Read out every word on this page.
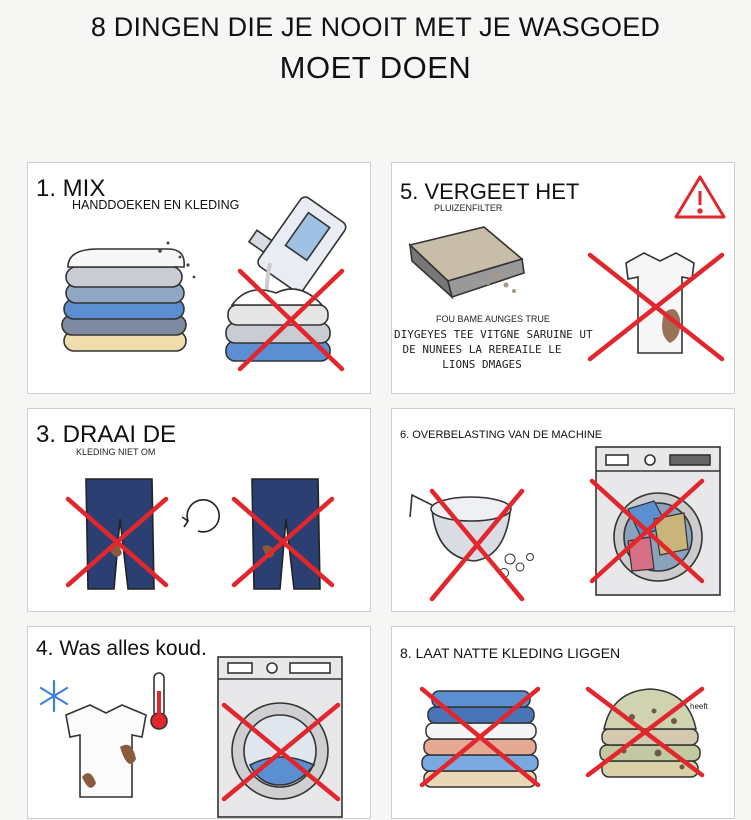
8 DINGEN DIE JE NOOIT MET JE WASGOED
MOET DOEN
1. MIX
HANDDOEKEN EN KLEDING
5. VERGEET HET
PLUIZENFILTER
FOU BAME AUNGES TRUE
DIYGEYES TEE VITGNE SARUINE UT
DE NUNEES LA REREAILE LE
LIONS DMAGES
3. DRAAI DE
KLEDING NIET OM
6. OVERBELASTING VAN DE MACHINE
4. Was alles koud.	8. LAAT NATTE KLEDING LIGGEN
heeft
